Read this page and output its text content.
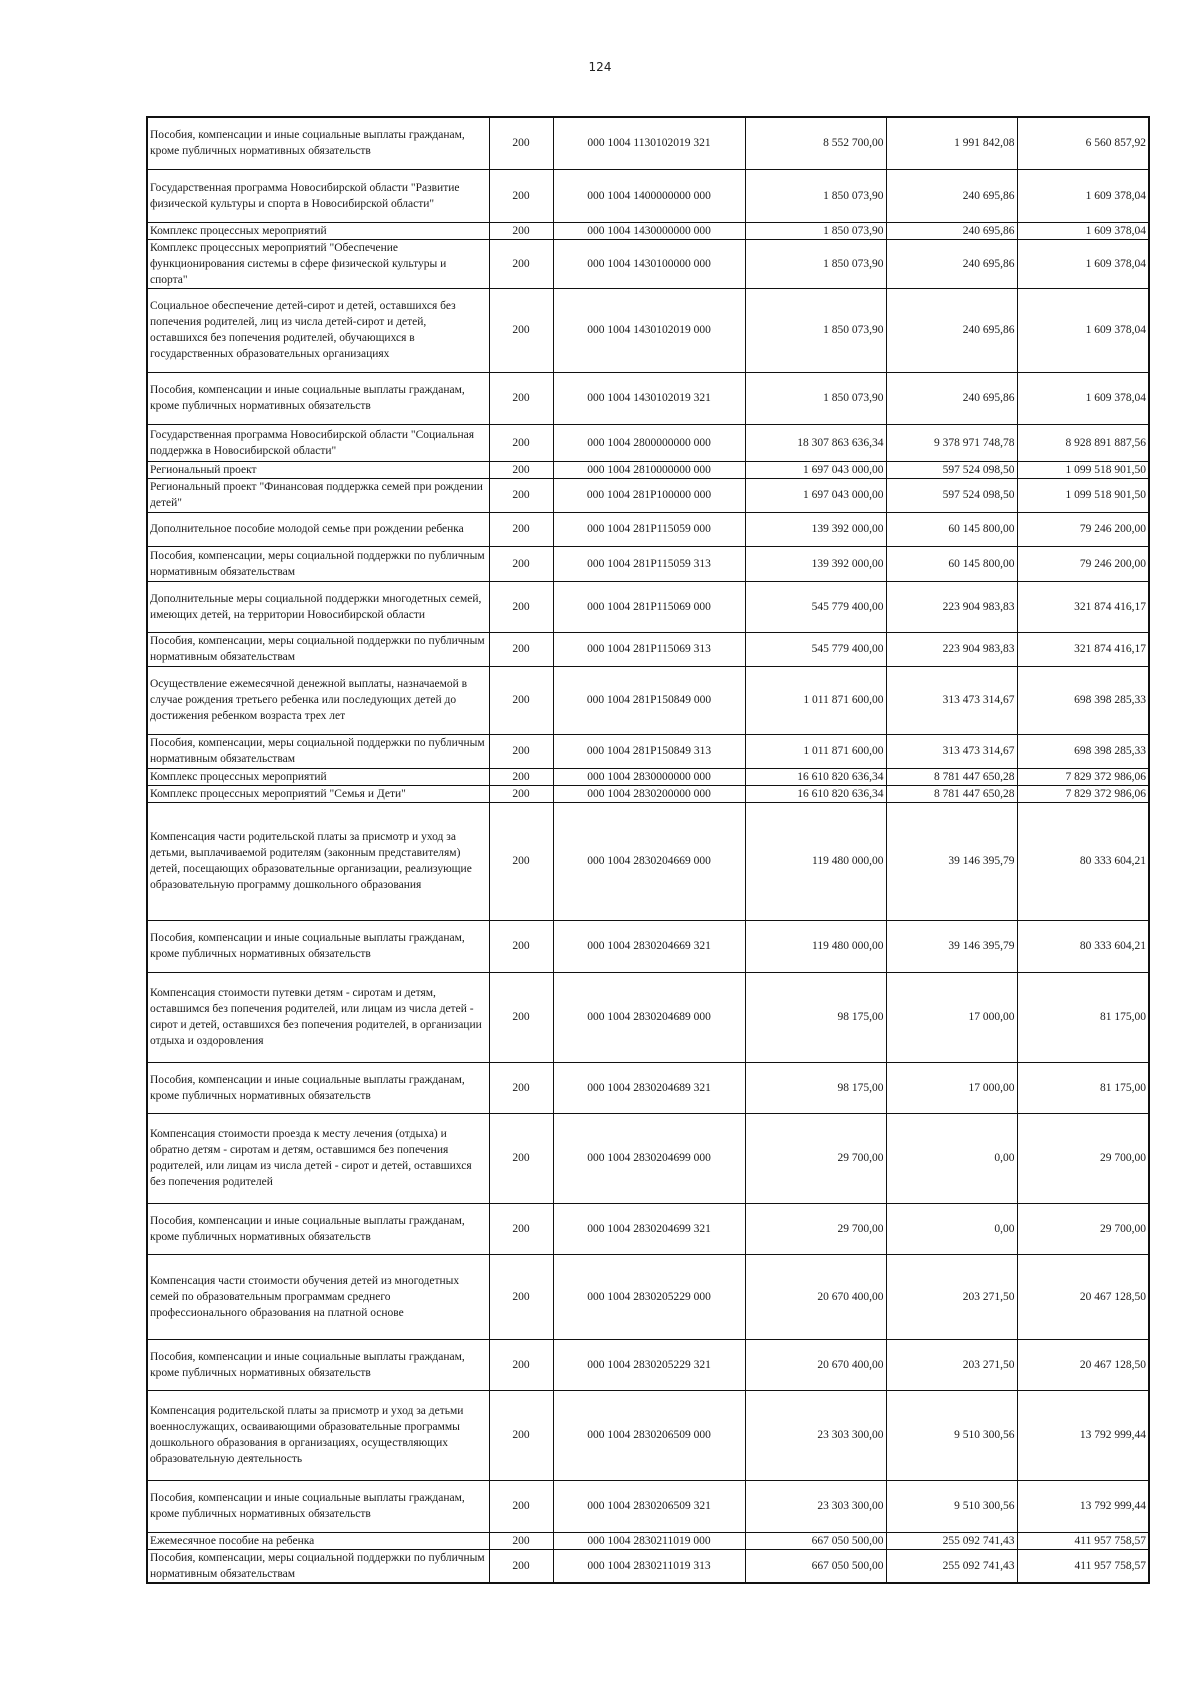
124
Пособия, компенсации и иные социальные выплаты гражданам, кроме публичных нормативных обязательств	200	000 1004 1130102019 321	8 552 700,00	1 991 842,08	6 560 857,92
Государственная программа Новосибирской области "Развитие физической культуры и спорта в Новосибирской области"	200	000 1004 1400000000 000	1 850 073,90	240 695,86	1 609 378,04
Комплекс процессных мероприятий	200	000 1004 1430000000 000	1 850 073,90	240 695,86	1 609 378,04
Комплекс процессных мероприятий "Обеспечение функционирования системы в сфере физической культуры и спорта"	200	000 1004 1430100000 000	1 850 073,90	240 695,86	1 609 378,04
Социальное обеспечение детей-сирот и детей, оставшихся без попечения родителей, лиц из числа детей-сирот и детей, оставшихся без попечения родителей, обучающихся в государственных образовательных организациях	200	000 1004 1430102019 000	1 850 073,90	240 695,86	1 609 378,04
Пособия, компенсации и иные социальные выплаты гражданам, кроме публичных нормативных обязательств	200	000 1004 1430102019 321	1 850 073,90	240 695,86	1 609 378,04
Государственная программа Новосибирской области "Социальная поддержка в Новосибирской области"	200	000 1004 2800000000 000	18 307 863 636,34	9 378 971 748,78	8 928 891 887,56
Региональный проект	200	000 1004 2810000000 000	1 697 043 000,00	597 524 098,50	1 099 518 901,50
Региональный проект "Финансовая поддержка семей при рождении детей"	200	000 1004 281P100000 000	1 697 043 000,00	597 524 098,50	1 099 518 901,50
Дополнительное пособие молодой семье при рождении ребенка	200	000 1004 281P115059 000	139 392 000,00	60 145 800,00	79 246 200,00
Пособия, компенсации, меры социальной поддержки по публичным нормативным обязательствам	200	000 1004 281P115059 313	139 392 000,00	60 145 800,00	79 246 200,00
Дополнительные меры социальной поддержки многодетных семей, имеющих детей, на территории Новосибирской области	200	000 1004 281P115069 000	545 779 400,00	223 904 983,83	321 874 416,17
Пособия, компенсации, меры социальной поддержки по публичным нормативным обязательствам	200	000 1004 281P115069 313	545 779 400,00	223 904 983,83	321 874 416,17
Осуществление ежемесячной денежной выплаты, назначаемой в случае рождения третьего ребенка или последующих детей до достижения ребенком возраста трех лет	200	000 1004 281P150849 000	1 011 871 600,00	313 473 314,67	698 398 285,33
Пособия, компенсации, меры социальной поддержки по публичным нормативным обязательствам	200	000 1004 281P150849 313	1 011 871 600,00	313 473 314,67	698 398 285,33
Комплекс процессных мероприятий	200	000 1004 2830000000 000	16 610 820 636,34	8 781 447 650,28	7 829 372 986,06
Комплекс процессных мероприятий "Семья и Дети"	200	000 1004 2830200000 000	16 610 820 636,34	8 781 447 650,28	7 829 372 986,06
Компенсация части родительской платы за присмотр и уход за детьми, выплачиваемой родителям (законным представителям) детей, посещающих образовательные организации, реализующие образовательную программу дошкольного образования	200	000 1004 2830204669 000	119 480 000,00	39 146 395,79	80 333 604,21
Пособия, компенсации и иные социальные выплаты гражданам, кроме публичных нормативных обязательств	200	000 1004 2830204669 321	119 480 000,00	39 146 395,79	80 333 604,21
Компенсация стоимости путевки детям - сиротам и детям, оставшимся без попечения родителей, или лицам из числа детей - сирот и детей, оставшихся без попечения родителей, в организации отдыха и оздоровления	200	000 1004 2830204689 000	98 175,00	17 000,00	81 175,00
Пособия, компенсации и иные социальные выплаты гражданам, кроме публичных нормативных обязательств	200	000 1004 2830204689 321	98 175,00	17 000,00	81 175,00
Компенсация стоимости проезда к месту лечения (отдыха) и обратно детям - сиротам и детям, оставшимся без попечения родителей, или лицам из числа детей - сирот и детей, оставшихся без попечения родителей	200	000 1004 2830204699 000	29 700,00	0,00	29 700,00
Пособия, компенсации и иные социальные выплаты гражданам, кроме публичных нормативных обязательств	200	000 1004 2830204699 321	29 700,00	0,00	29 700,00
Компенсация части стоимости обучения детей из многодетных семей по образовательным программам среднего профессионального образования на платной основе	200	000 1004 2830205229 000	20 670 400,00	203 271,50	20 467 128,50
Пособия, компенсации и иные социальные выплаты гражданам, кроме публичных нормативных обязательств	200	000 1004 2830205229 321	20 670 400,00	203 271,50	20 467 128,50
Компенсация родительской платы за присмотр и уход за детьми военнослужащих, осваивающими образовательные программы дошкольного образования в организациях, осуществляющих образовательную деятельность	200	000 1004 2830206509 000	23 303 300,00	9 510 300,56	13 792 999,44
Пособия, компенсации и иные социальные выплаты гражданам, кроме публичных нормативных обязательств	200	000 1004 2830206509 321	23 303 300,00	9 510 300,56	13 792 999,44
Ежемесячное пособие на ребенка	200	000 1004 2830211019 000	667 050 500,00	255 092 741,43	411 957 758,57
Пособия, компенсации, меры социальной поддержки по публичным нормативным обязательствам	200	000 1004 2830211019 313	667 050 500,00	255 092 741,43	411 957 758,57
